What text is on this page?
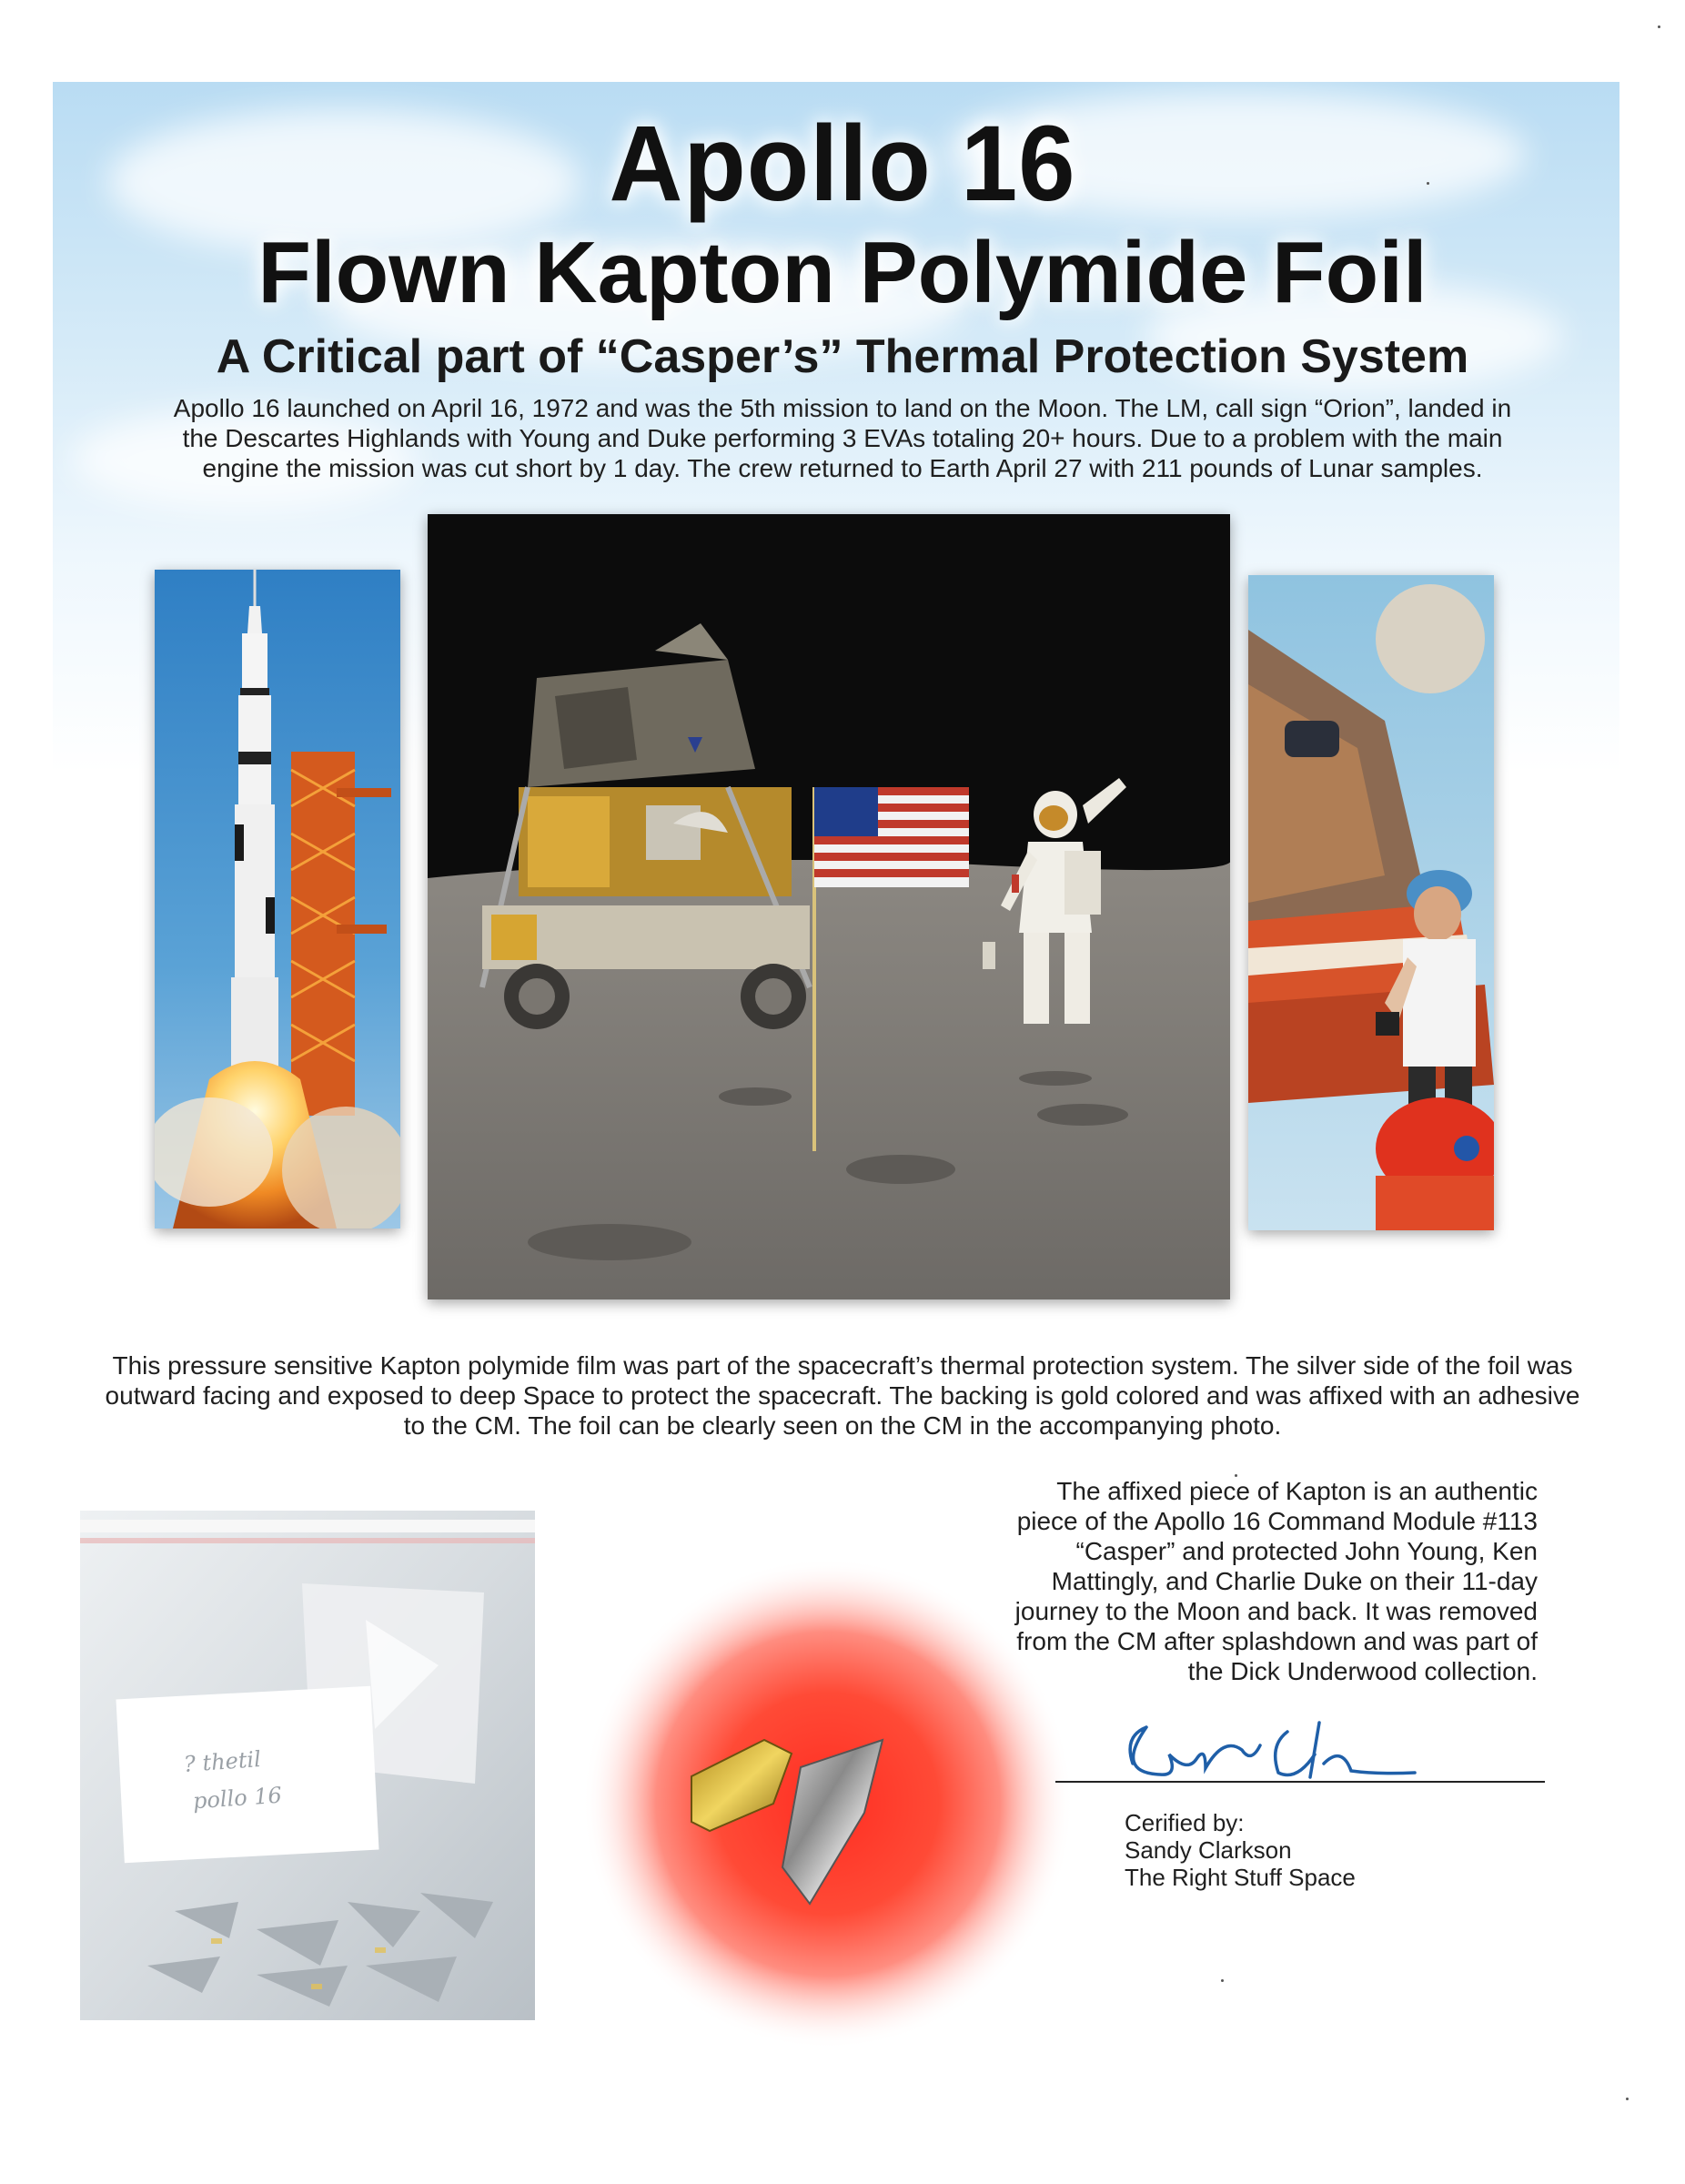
Apollo 16
Flown Kapton Polymide Foil
A Critical part of “Casper’s” Thermal Protection System
Apollo 16 launched on April 16, 1972 and was the 5th mission to land on the Moon. The LM, call sign “Orion”, landed in the Descartes Highlands with Young and Duke performing 3 EVAs totaling 20+ hours. Due to a problem with the main engine the mission was cut short by 1 day. The crew returned to Earth April 27 with 211 pounds of Lunar samples.
This pressure sensitive Kapton polymide film was part of the spacecraft’s thermal protection system. The silver side of the foil was outward facing and exposed to deep Space to protect the spacecraft. The backing is gold colored and was affixed with an adhesive to the CM. The foil can be clearly seen on the CM in the accompanying photo.
? thetil
pollo 16
The affixed piece of Kapton is an authentic piece of the Apollo 16 Command Module #113 “Casper” and protected John Young, Ken Mattingly, and Charlie Duke on their 11-day journey to the Moon and back. It was removed from the CM after splashdown and was part of the Dick Underwood collection.
Cerified by:
Sandy Clarkson
The Right Stuff Space
